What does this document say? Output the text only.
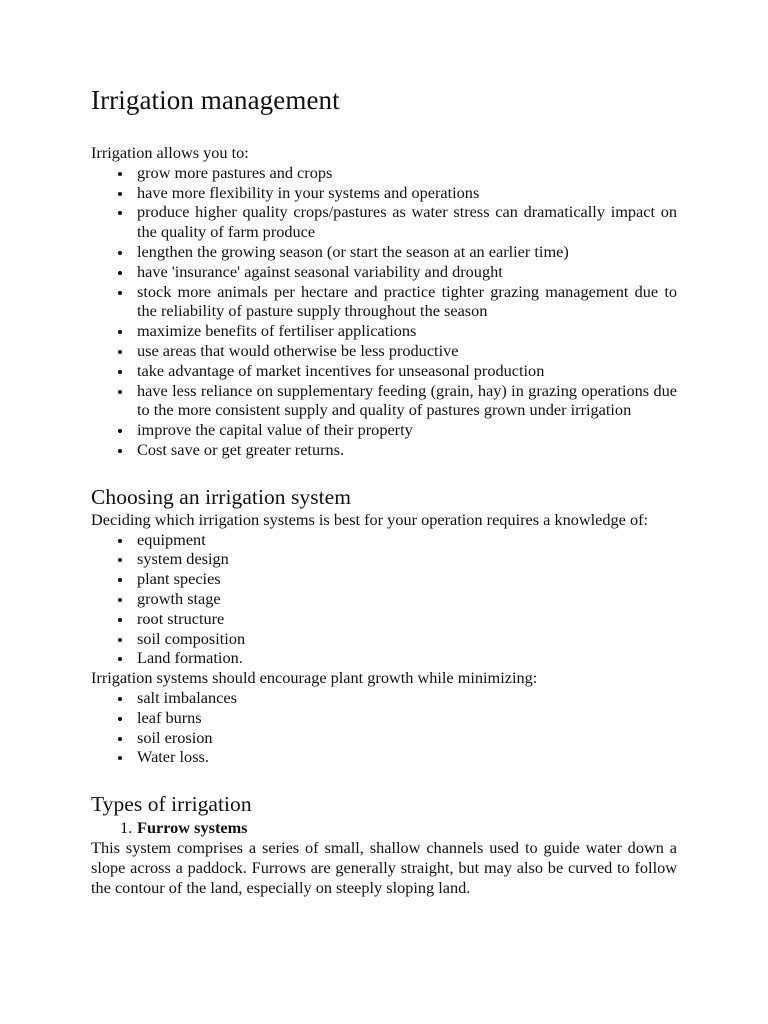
Irrigation management

Irrigation allows you to:

grow more pastures and crops
have more flexibility in your systems and operations
produce higher quality crops/pastures as water stress can dramatically impact on the quality of farm produce
lengthen the growing season (or start the season at an earlier time)
have 'insurance' against seasonal variability and drought
stock more animals per hectare and practice tighter grazing management due to the reliability of pasture supply throughout the season
maximize benefits of fertiliser applications
use areas that would otherwise be less productive
take advantage of market incentives for unseasonal production
have less reliance on supplementary feeding (grain, hay) in grazing operations due to the more consistent supply and quality of pastures grown under irrigation
improve the capital value of their property
Cost save or get greater returns.
Choosing an irrigation system

Deciding which irrigation systems is best for your operation requires a knowledge of:

equipment
system design
plant species
growth stage
root structure
soil composition
Land formation.

Irrigation systems should encourage plant growth while minimizing:

salt imbalances
leaf burns
soil erosion
Water loss.
Types of irrigation
1. Furrow systems

This system comprises a series of small, shallow channels used to guide water down a slope across a paddock. Furrows are generally straight, but may also be curved to follow the contour of the land, especially on steeply sloping land.
